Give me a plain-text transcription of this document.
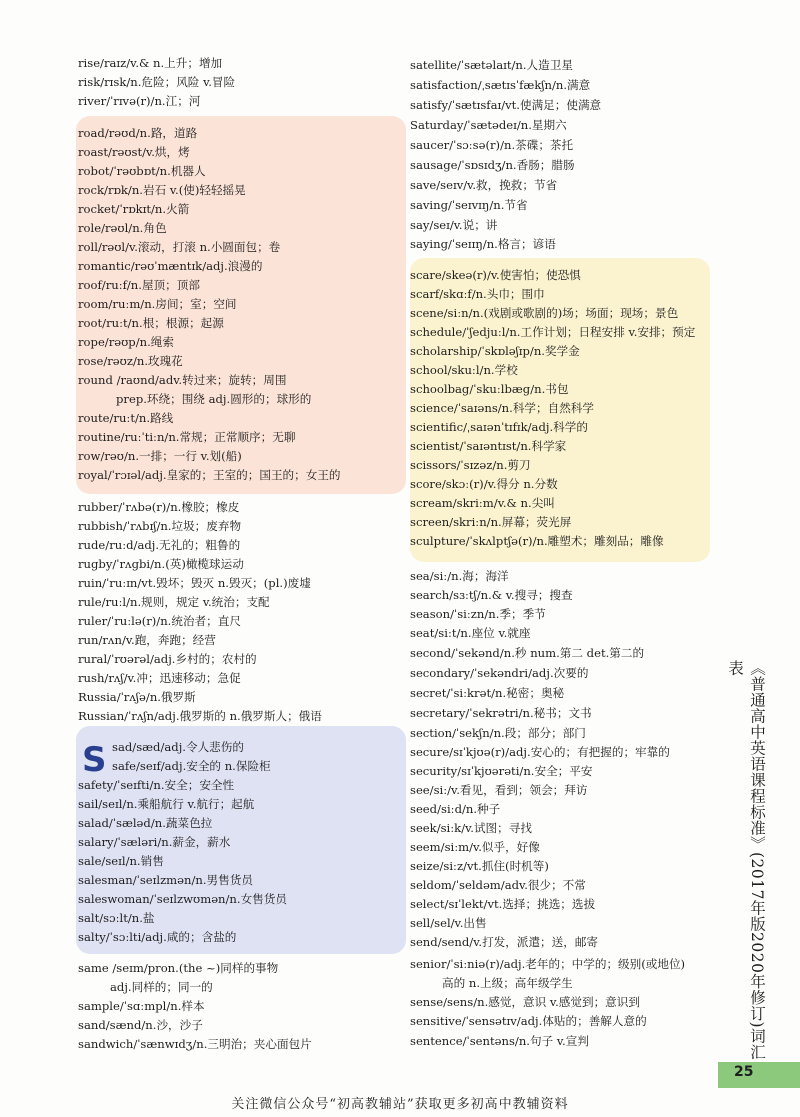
S
rise/raɪz/v.& n.上升；增加
risk/rɪsk/n.危险；风险 v.冒险
river/ˈrɪvə(r)/n.江；河
road/rəʊd/n.路，道路
roast/rəʊst/v.烘，烤
robot/ˈrəʊbɒt/n.机器人
rock/rɒk/n.岩石 v.(使)轻轻摇晃
rocket/ˈrɒkɪt/n.火箭
role/rəʊl/n.角色
roll/rəʊl/v.滚动，打滚 n.小圆面包；卷
romantic/rəʊˈmæntɪk/adj.浪漫的
roof/ruːf/n.屋顶；顶部
room/ruːm/n.房间；室；空间
root/ruːt/n.根；根源；起源
rope/rəʊp/n.绳索
rose/rəʊz/n.玫瑰花
round /raʊnd/adv.转过来；旋转；周围
prep.环绕；围绕 adj.圆形的；球形的
route/ruːt/n.路线
routine/ruːˈtiːn/n.常规；正常顺序；无聊
row/rəʊ/n.一排；一行 v.划(船)
royal/ˈrɔɪəl/adj.皇家的；王室的；国王的；女王的
rubber/ˈrʌbə(r)/n.橡胶；橡皮
rubbish/ˈrʌbɪʃ/n.垃圾；废弃物
rude/ruːd/adj.无礼的；粗鲁的
rugby/ˈrʌgbi/n.(英)橄榄球运动
ruin/ˈruːɪn/vt.毁坏；毁灭 n.毁灭；(pl.)废墟
rule/ruːl/n.规则，规定 v.统治；支配
ruler/ˈruːlə(r)/n.统治者；直尺
run/rʌn/v.跑，奔跑；经营
rural/ˈrʊərəl/adj.乡村的；农村的
rush/rʌʃ/v.冲；迅速移动；急促
Russia/ˈrʌʃə/n.俄罗斯
Russian/ˈrʌʃn/adj.俄罗斯的 n.俄罗斯人；俄语
sad/sæd/adj.令人悲伤的
safe/seɪf/adj.安全的 n.保险柜
safety/ˈseɪfti/n.安全；安全性
sail/seɪl/n.乘船航行 v.航行；起航
salad/ˈsæləd/n.蔬菜色拉
salary/ˈsæləri/n.薪金，薪水
sale/seɪl/n.销售
salesman/ˈseɪlzmən/n.男售货员
saleswoman/ˈseɪlzwʊmən/n.女售货员
salt/sɔːlt/n.盐
salty/ˈsɔːlti/adj.咸的；含盐的
same /seɪm/pron.(the ~)同样的事物
adj.同样的；同一的
sample/ˈsɑːmpl/n.样本
sand/sænd/n.沙，沙子
sandwich/ˈsænwɪdʒ/n.三明治；夹心面包片
satellite/ˈsætəlaɪt/n.人造卫星
satisfaction/ˌsætɪsˈfækʃn/n.满意
satisfy/ˈsætɪsfaɪ/vt.使满足；使满意
Saturday/ˈsætədeɪ/n.星期六
saucer/ˈsɔːsə(r)/n.茶碟；茶托
sausage/ˈsɒsɪdʒ/n.香肠；腊肠
save/seɪv/v.救，挽救；节省
saving/ˈseɪvɪŋ/n.节省
say/seɪ/v.说；讲
saying/ˈseɪɪŋ/n.格言；谚语
scare/skeə(r)/v.使害怕；使恐惧
scarf/skɑːf/n.头巾；围巾
scene/siːn/n.(戏剧或歌剧的)场；场面；现场；景色
schedule/ˈʃedjuːl/n.工作计划；日程安排 v.安排；预定
scholarship/ˈskɒləʃɪp/n.奖学金
school/skuːl/n.学校
schoolbag/ˈskuːlbæg/n.书包
science/ˈsaɪəns/n.科学；自然科学
scientific/ˌsaɪənˈtɪfɪk/adj.科学的
scientist/ˈsaɪəntɪst/n.科学家
scissors/ˈsɪzəz/n.剪刀
score/skɔː(r)/v.得分 n.分数
scream/skriːm/v.& n.尖叫
screen/skriːn/n.屏幕；荧光屏
sculpture/ˈskʌlptʃə(r)/n.雕塑术；雕刻品；雕像
sea/siː/n.海；海洋
search/sɜːtʃ/n.& v.搜寻；搜查
season/ˈsiːzn/n.季；季节
seat/siːt/n.座位 v.就座
second/ˈsekənd/n.秒 num.第二 det.第二的
secondary/ˈsekəndri/adj.次要的
secret/ˈsiːkrət/n.秘密；奥秘
secretary/ˈsekrətri/n.秘书；文书
section/ˈsekʃn/n.段；部分；部门
secure/sɪˈkjʊə(r)/adj.安心的；有把握的；牢靠的
security/sɪˈkjʊərəti/n.安全；平安
see/siː/v.看见，看到；领会；拜访
seed/siːd/n.种子
seek/siːk/v.试图；寻找
seem/siːm/v.似乎，好像
seize/siːz/vt.抓住(时机等)
seldom/ˈseldəm/adv.很少；不常
select/sɪˈlekt/vt.选择；挑选；选拔
sell/sel/v.出售
send/send/v.打发，派遣；送，邮寄
senior/ˈsiːniə(r)/adj.老年的；中学的；级别(或地位)
高的 n.上级；高年级学生
sense/sens/n.感觉，意识 v.感觉到；意识到
sensitive/ˈsensətɪv/adj.体贴的；善解人意的
sentence/ˈsentəns/n.句子 v.宣判	《普通高中英语课程标准》(2017年版2020年修订)词汇表
25
关注微信公众号“初高教辅站”获取更多初高中教辅资料
